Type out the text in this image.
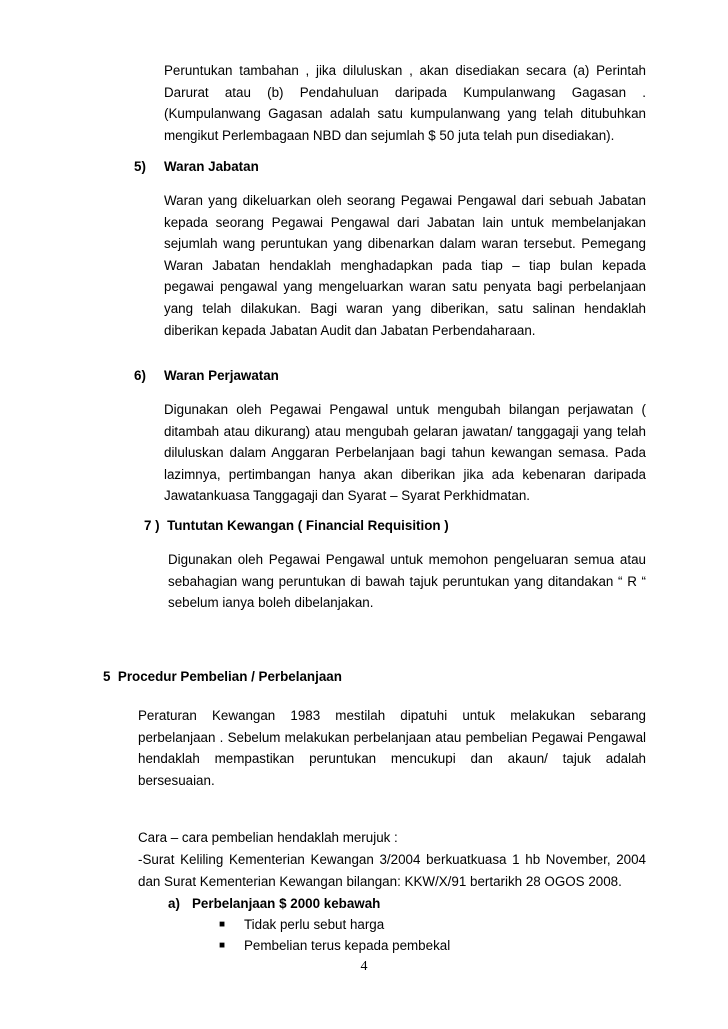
Peruntukan tambahan , jika diluluskan , akan disediakan secara (a) Perintah Darurat atau (b) Pendahuluan daripada Kumpulanwang Gagasan . (Kumpulanwang Gagasan adalah satu kumpulanwang yang telah ditubuhkan mengikut Perlembagaan NBD dan sejumlah $ 50 juta telah pun disediakan).
5) Waran Jabatan
Waran yang dikeluarkan oleh seorang Pegawai Pengawal dari sebuah Jabatan kepada seorang Pegawai Pengawal dari Jabatan lain untuk membelanjakan sejumlah wang peruntukan yang dibenarkan dalam waran tersebut. Pemegang Waran Jabatan hendaklah menghadapkan pada tiap – tiap bulan kepada pegawai pengawal yang mengeluarkan waran satu penyata bagi perbelanjaan yang telah dilakukan. Bagi waran yang diberikan, satu salinan hendaklah diberikan kepada Jabatan Audit dan Jabatan Perbendaharaan.
6) Waran Perjawatan
Digunakan oleh Pegawai Pengawal untuk mengubah bilangan perjawatan ( ditambah atau dikurang) atau mengubah gelaran jawatan/ tanggagaji yang telah diluluskan dalam Anggaran Perbelanjaan bagi tahun kewangan semasa. Pada lazimnya, pertimbangan hanya akan diberikan jika ada kebenaran daripada Jawatankuasa Tanggagaji dan Syarat – Syarat Perkhidmatan.
7 )  Tuntutan Kewangan ( Financial Requisition )
Digunakan oleh Pegawai Pengawal untuk memohon pengeluaran semua atau sebahagian wang peruntukan di bawah tajuk peruntukan yang ditandakan “ R “ sebelum ianya boleh dibelanjakan.
5  Procedur Pembelian / Perbelanjaan
Peraturan Kewangan 1983 mestilah dipatuhi untuk melakukan sebarang perbelanjaan . Sebelum melakukan perbelanjaan atau pembelian Pegawai Pengawal hendaklah mempastikan peruntukan mencukupi dan akaun/ tajuk adalah bersesuaian.
Cara – cara pembelian hendaklah merujuk :
-Surat Keliling Kementerian Kewangan 3/2004 berkuatkuasa 1 hb November, 2004 dan Surat Kementerian Kewangan bilangan: KKW/X/91 bertarikh 28 OGOS 2008.
a) Perbelanjaan $ 2000 kebawah
■ Tidak perlu sebut harga
■ Pembelian terus kepada pembekal
4
